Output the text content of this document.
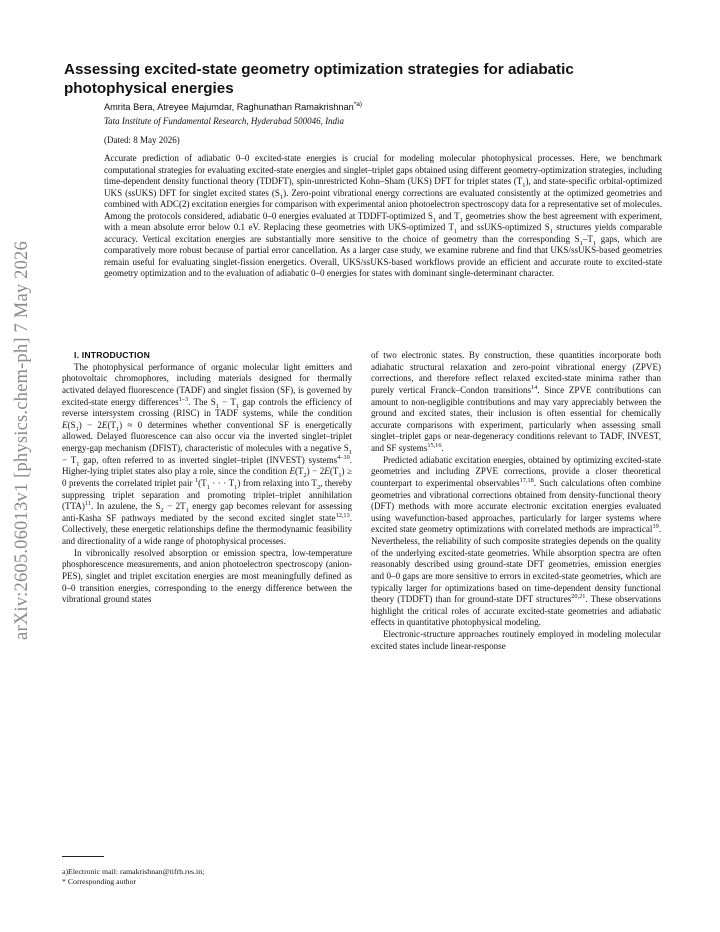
arXiv:2605.06013v1 [physics.chem-ph] 7 May 2026
Assessing excited-state geometry optimization strategies for adiabatic photophysical energies
Amrita Bera, Atreyee Majumdar, Raghunathan Ramakrishnan$^{*a)}$
Tata Institute of Fundamental Research, Hyderabad 500046, India
(Dated: 8 May 2026)

Accurate prediction of adiabatic 0–0 excited-state energies is crucial for modeling molecular photophysical processes. Here, we benchmark computational strategies for evaluating excited-state energies and singlet–triplet gaps obtained using different geometry-optimization strategies, including time-dependent density functional theory (TDDFT), spin-unrestricted Kohn–Sham (UKS) DFT for triplet states $(T_1)$, and state-specific orbital-optimized UKS (ssUKS) DFT for singlet excited states $(S_1)$. Zero-point vibrational energy corrections are evaluated consistently at the optimized geometries and combined with ADC(2) excitation energies for comparison with experimental anion photoelectron spectroscopy data for a representative set of molecules. Among the protocols considered, adiabatic 0–0 energies evaluated at TDDFT-optimized $S_1$ and $T_1$ geometries show the best agreement with experiment, with a mean absolute error below 0.1 eV. Replacing these geometries with UKS-optimized $T_1$ and ssUKS-optimized $S_1$ structures yields comparable accuracy. Vertical excitation energies are substantially more sensitive to the choice of geometry than the corresponding $S_1-T_1$ gaps, which are comparatively more robust because of partial error cancellation. As a larger case study, we examine rubrene and find that UKS/ssUKS-based geometries remain useful for evaluating singlet-fission energetics. Overall, UKS/ssUKS-based workflows provide an efficient and accurate route to excited-state geometry optimization and to the evaluation of adiabatic 0–0 energies for states with dominant single-determinant character.

I. INTRODUCTION

The photophysical performance of organic molecular light emitters and photovoltaic chromophores, including materials designed for thermally activated delayed fluorescence (TADF) and singlet fission (SF), is governed by excited-state energy differences$^{1-3}$. The $S_1 - T_1$ gap controls the efficiency of reverse intersystem crossing (RISC) in TADF systems, while the condition $E(S_1) - 2E(T_1) \approx 0$ determines whether conventional SF is energetically allowed. Delayed fluorescence can also occur via the inverted singlet–triplet energy-gap mechanism (DFIST), characteristic of molecules with a negative $S_1 - T_1$ gap, often referred to as inverted singlet–triplet (INVEST) systems$^{4-10}$. Higher-lying triplet states also play a role, since the condition $E(T_2) - 2E(T_1) \ge 0$ prevents the correlated triplet pair $^1(T_1$ · · · $T_1$) from relaxing into $T_2$, thereby suppressing triplet separation and promoting triplet–triplet annihilation (TTA)$^{11}$. In azulene, the $S_2 - 2T_1$ energy gap becomes relevant for assessing anti-Kasha SF pathways mediated by the second excited singlet state$^{12,13}$. Collectively, these energetic relationships define the thermodynamic feasibility and directionality of a wide range of photophysical processes.

In vibronically resolved absorption or emission spectra, low-temperature phosphorescence measurements, and anion photoelectron spectroscopy (anion-PES), singlet and triplet excitation energies are most meaningfully defined as 0–0 transition energies, corresponding to the energy difference between the vibrational ground states

of two electronic states. By construction, these quantities incorporate both adiabatic structural relaxation and zero-point vibrational energy (ZPVE) corrections, and therefore reflect relaxed excited-state minima rather than purely vertical Franck–Condon transitions$^{14}$. Since ZPVE contributions can amount to non-negligible contributions and may vary appreciably between the ground and excited states, their inclusion is often essential for chemically accurate comparisons with experiment, particularly when assessing small singlet–triplet gaps or near-degeneracy conditions relevant to TADF, INVEST, and SF systems$^{15,16}$.

Predicted adiabatic excitation energies, obtained by optimizing excited-state geometries and including ZPVE corrections, provide a closer theoretical counterpart to experimental observables$^{17,18}$. Such calculations often combine geometries and vibrational corrections obtained from density-functional theory (DFT) methods with more accurate electronic excitation energies evaluated using wavefunction-based approaches, particularly for larger systems where excited state geometry optimizations with correlated methods are impractical$^{19}$. Nevertheless, the reliability of such composite strategies depends on the quality of the underlying excited-state geometries. While absorption spectra are often reasonably described using ground-state DFT geometries, emission energies and 0–0 gaps are more sensitive to errors in excited-state geometries, which are typically larger for optimizations based on time-dependent density functional theory (TDDFT) than for ground-state DFT structures$^{20,21}$. These observations highlight the critical roles of accurate excited-state geometries and adiabatic effects in quantitative photophysical modeling.

Electronic-structure approaches routinely employed in modeling molecular excited states include linear-response

a)Electronic mail: ramakrishnan@tifrh.res.in;
* Corresponding author
